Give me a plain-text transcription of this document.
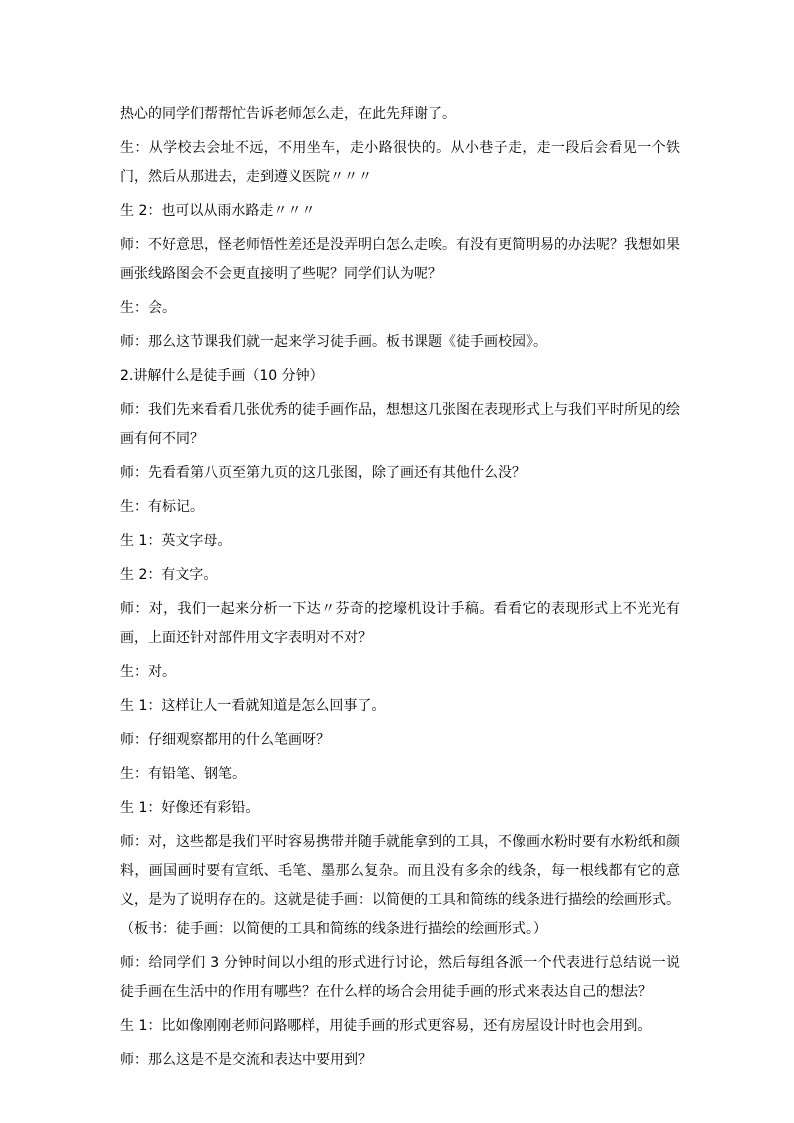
热心的同学们帮帮忙告诉老师怎么走，在此先拜谢了。

生：从学校去会址不远，不用坐车，走小路很快的。从小巷子走，走一段后会看见一个铁门，然后从那进去，走到遵义医院〃〃〃

生 2：也可以从雨水路走〃〃〃

师：不好意思，怪老师悟性差还是没弄明白怎么走唉。有没有更简明易的办法呢？我想如果画张线路图会不会更直接明了些呢？同学们认为呢？

生：会。

师：那么这节课我们就一起来学习徒手画。板书课题《徒手画校园》。

2.讲解什么是徒手画（10 分钟）

师：我们先来看看几张优秀的徒手画作品，想想这几张图在表现形式上与我们平时所见的绘画有何不同？

师：先看看第八页至第九页的这几张图，除了画还有其他什么没？

生：有标记。

生 1：英文字母。

生 2：有文字。

师：对，我们一起来分析一下达〃芬奇的挖壕机设计手稿。看看它的表现形式上不光光有画，上面还针对部件用文字表明对不对？

生：对。

生 1：这样让人一看就知道是怎么回事了。

师：仔细观察都用的什么笔画呀？

生：有铅笔、钢笔。

生 1：好像还有彩铅。

师：对，这些都是我们平时容易携带并随手就能拿到的工具，不像画水粉时要有水粉纸和颜料，画国画时要有宣纸、毛笔、墨那么复杂。而且没有多余的线条，每一根线都有它的意义，是为了说明存在的。这就是徒手画：以简便的工具和简练的线条进行描绘的绘画形式。（板书：徒手画：以简便的工具和简练的线条进行描绘的绘画形式。）

师：给同学们 3 分钟时间以小组的形式进行讨论，然后每组各派一个代表进行总结说一说徒手画在生活中的作用有哪些？在什么样的场合会用徒手画的形式来表达自己的想法？

生 1：比如像刚刚老师问路哪样，用徒手画的形式更容易，还有房屋设计时也会用到。

师：那么这是不是交流和表达中要用到？
